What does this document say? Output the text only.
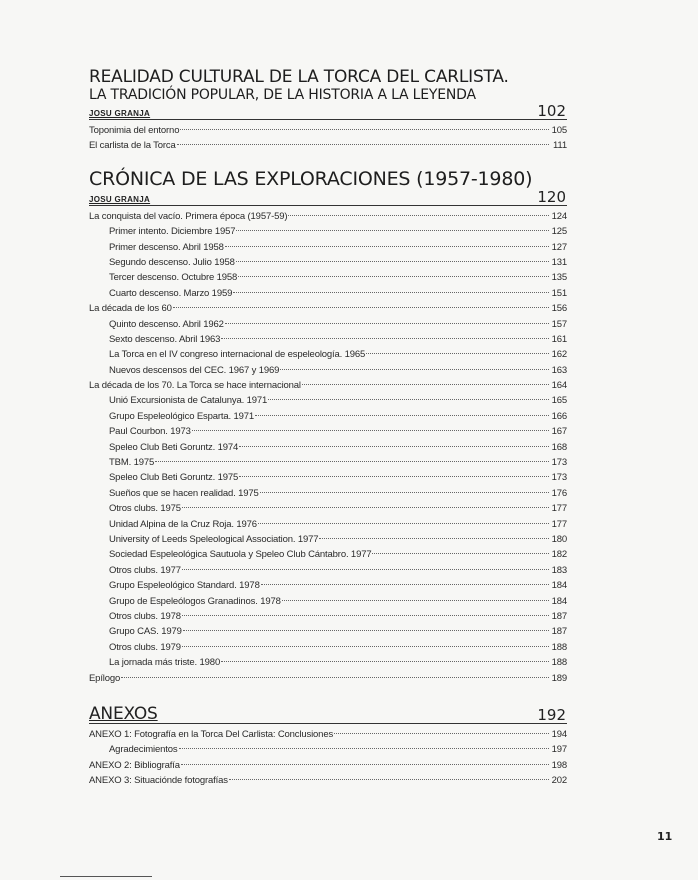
REALIDAD CULTURAL DE LA TORCA DEL CARLISTA.
LA TRADICIÓN POPULAR, DE LA HISTORIA A LA LEYENDA
JOSU GRANJA	102
Toponimia del entorno	105
El carlista de la Torca	111
CRÓNICA DE LAS EXPLORACIONES (1957-1980)
JOSU GRANJA	120
La conquista del vacío. Primera época (1957-59)	124
Primer intento. Diciembre 1957	125
Primer descenso. Abril 1958	127
Segundo descenso. Julio 1958	131
Tercer descenso. Octubre 1958	135
Cuarto descenso. Marzo 1959	151
La década de los 60	156
Quinto descenso. Abril 1962	157
Sexto descenso. Abril 1963	161
La Torca en el IV congreso internacional de espeleología. 1965	162
Nuevos descensos del CEC. 1967 y 1969	163
La década de los 70. La Torca se hace internacional	164
Unió Excursionista de Catalunya. 1971	165
Grupo Espeleológico Esparta. 1971	166
Paul Courbon. 1973	167
Speleo Club Beti Goruntz. 1974	168
TBM. 1975	173
Speleo Club Beti Goruntz. 1975	173
Sueños que se hacen realidad. 1975	176
Otros clubs. 1975	177
Unidad Alpina de la Cruz Roja. 1976	177
University of Leeds Speleological Association. 1977	180
Sociedad Espeleológica Sautuola y Speleo Club Cántabro. 1977	182
Otros clubs. 1977	183
Grupo Espeleológico Standard. 1978	184
Grupo de Espeleólogos Granadinos. 1978	184
Otros clubs. 1978	187
Grupo CAS. 1979	187
Otros clubs. 1979	188
La jornada más triste. 1980	188
Epílogo	189
ANEXOS	192
ANEXO 1: Fotografía en la Torca Del Carlista: Conclusiones	194
Agradecimientos	197
ANEXO 2: Bibliografía	198
ANEXO 3: Situaciónde fotografías	202
11
